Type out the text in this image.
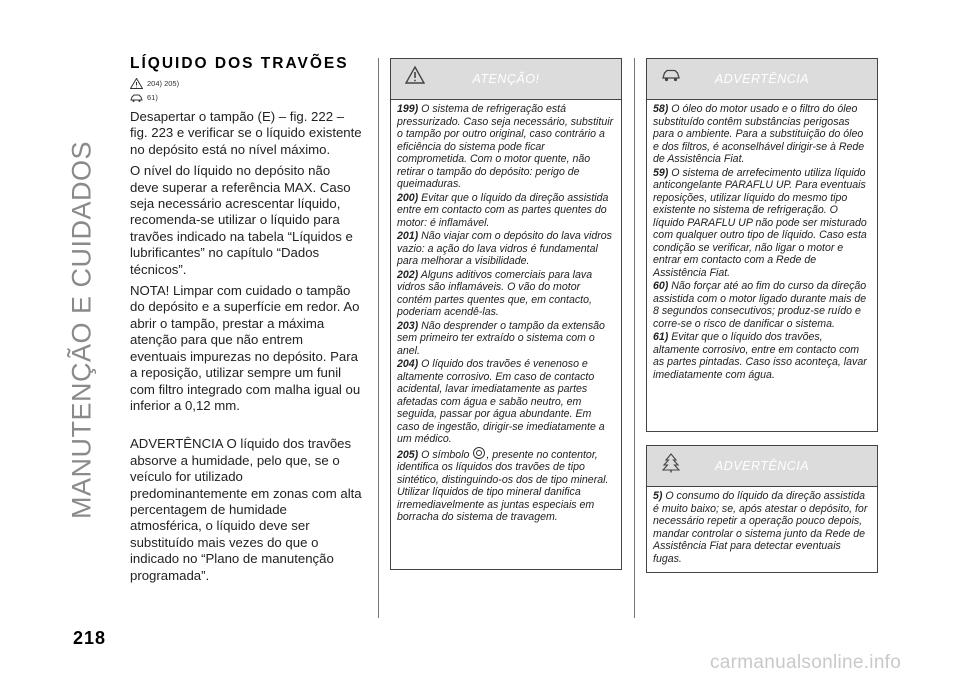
MANUTENÇÃO E CUIDADOS
218
LÍQUIDO DOS TRAVÕES
204) 205)
61)

Desapertar o tampão (E) – fig. 222 – fig. 223 e verificar se o líquido existente no depósito está no nível máximo.

O nível do líquido no depósito não deve superar a referência MAX. Caso seja necessário acrescentar líquido, recomenda-se utilizar o líquido para travões indicado na tabela “Líquidos e lubrificantes” no capítulo “Dados técnicos”.

NOTA! Limpar com cuidado o tampão do depósito e a superfície em redor. Ao abrir o tampão, prestar a máxima atenção para que não entrem eventuais impurezas no depósito. Para a reposição, utilizar sempre um funil com filtro integrado com malha igual ou inferior a 0,12 mm.

ADVERTÊNCIA O líquido dos travões absorve a humidade, pelo que, se o veículo for utilizado predominantemente em zonas com alta percentagem de humidade atmosférica, o líquido deve ser substituído mais vezes do que o indicado no “Plano de manutenção programada”.

ATENÇÃO!

199) O sistema de refrigeração está pressurizado. Caso seja necessário, substituir o tampão por outro original, caso contrário a eficiência do sistema pode ficar comprometida. Com o motor quente, não retirar o tampão do depósito: perigo de queimaduras.

200) Evitar que o líquido da direção assistida entre em contacto com as partes quentes do motor: é inflamável.

201) Não viajar com o depósito do lava vidros vazio: a ação do lava vidros é fundamental para melhorar a visibilidade.

202) Alguns aditivos comerciais para lava vidros são inflamáveis. O vão do motor contém partes quentes que, em contacto, poderiam acendê-las.

203) Não desprender o tampão da extensão sem primeiro ter extraído o sistema com o anel.

204) O líquido dos travões é venenoso e altamente corrosivo. Em caso de contacto acidental, lavar imediatamente as partes afetadas com água e sabão neutro, em seguida, passar por água abundante. Em caso de ingestão, dirigir-se imediatamente a um médico.

205) O símbolo , presente no contentor, identifica os líquidos dos travões de tipo sintético, distinguindo-os dos de tipo mineral. Utilizar líquidos de tipo mineral danifica irremediavelmente as juntas especiais em borracha do sistema de travagem.

ADVERTÊNCIA

58) O óleo do motor usado e o filtro do óleo substituído contêm substâncias perigosas para o ambiente. Para a substituição do óleo e dos filtros, é aconselhável dirigir-se à Rede de Assistência Fiat.

59) O sistema de arrefecimento utiliza líquido anticongelante PARAFLU UP. Para eventuais reposições, utilizar líquido do mesmo tipo existente no sistema de refrigeração. O líquido PARAFLU UP não pode ser misturado com qualquer outro tipo de líquido. Caso esta condição se verificar, não ligar o motor e entrar em contacto com a Rede de Assistência Fiat.

60) Não forçar até ao fim do curso da direção assistida com o motor ligado durante mais de 8 segundos consecutivos; produz-se ruído e corre-se o risco de danificar o sistema.

61) Evitar que o líquido dos travões, altamente corrosivo, entre em contacto com as partes pintadas. Caso isso aconteça, lavar imediatamente com água.

ADVERTÊNCIA

5) O consumo do líquido da direção assistida é muito baixo; se, após atestar o depósito, for necessário repetir a operação pouco depois, mandar controlar o sistema junto da Rede de Assistência Fiat para detectar eventuais fugas.

carmanualsonline.info
